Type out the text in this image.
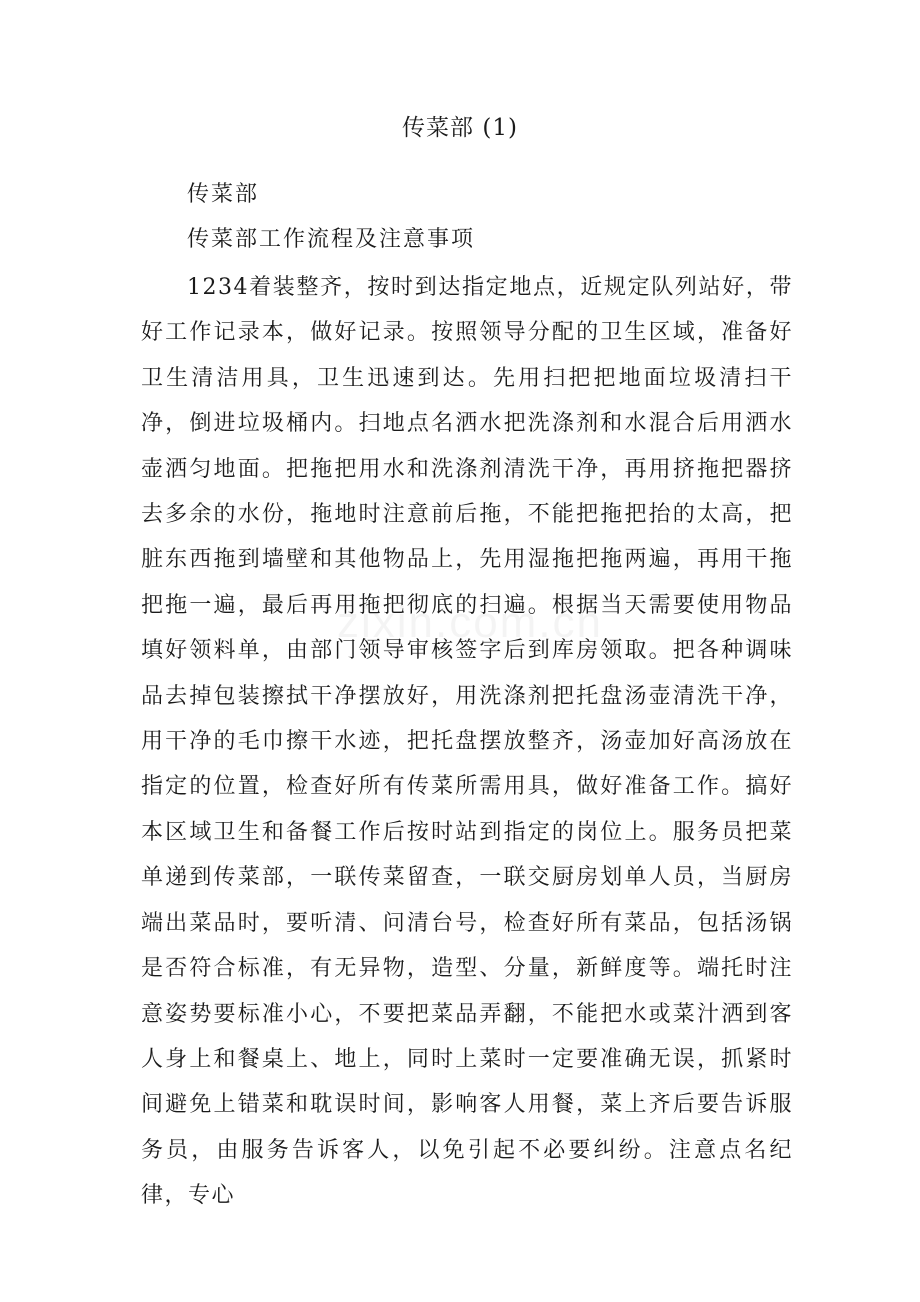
传菜部 (1)
传菜部
传菜部工作流程及注意事项

1234着装整齐，按时到达指定地点，近规定队列站好，带好工作记录本，做好记录。按照领导分配的卫生区域，准备好卫生清洁用具，卫生迅速到达。先用扫把把地面垃圾清扫干净，倒进垃圾桶内。扫地点名洒水把洗涤剂和水混合后用洒水壶洒匀地面。把拖把用水和洗涤剂清洗干净，再用挤拖把器挤去多余的水份，拖地时注意前后拖，不能把拖把抬的太高，把脏东西拖到墙壁和其他物品上，先用湿拖把拖两遍，再用干拖把拖一遍，最后再用拖把彻底的扫遍。根据当天需要使用物品填好领料单，由部门领导审核签字后到库房领取。把各种调味品去掉包装擦拭干净摆放好，用洗涤剂把托盘汤壶清洗干净，用干净的毛巾擦干水迹，把托盘摆放整齐，汤壶加好高汤放在指定的位置，检查好所有传菜所需用具，做好准备工作。搞好本区域卫生和备餐工作后按时站到指定的岗位上。服务员把菜单递到传菜部，一联传菜留查，一联交厨房划单人员，当厨房端出菜品时，要听清、问清台号，检查好所有菜品，包括汤锅是否符合标准，有无异物，造型、分量，新鲜度等。端托时注意姿势要标准小心，不要把菜品弄翻，不能把水或菜汁洒到客人身上和餐桌上、地上，同时上菜时一定要准确无误，抓紧时间避免上错菜和耽误时间，影响客人用餐，菜上齐后要告诉服务员，由服务告诉客人，以免引起不必要纠纷。注意点名纪律，专心
